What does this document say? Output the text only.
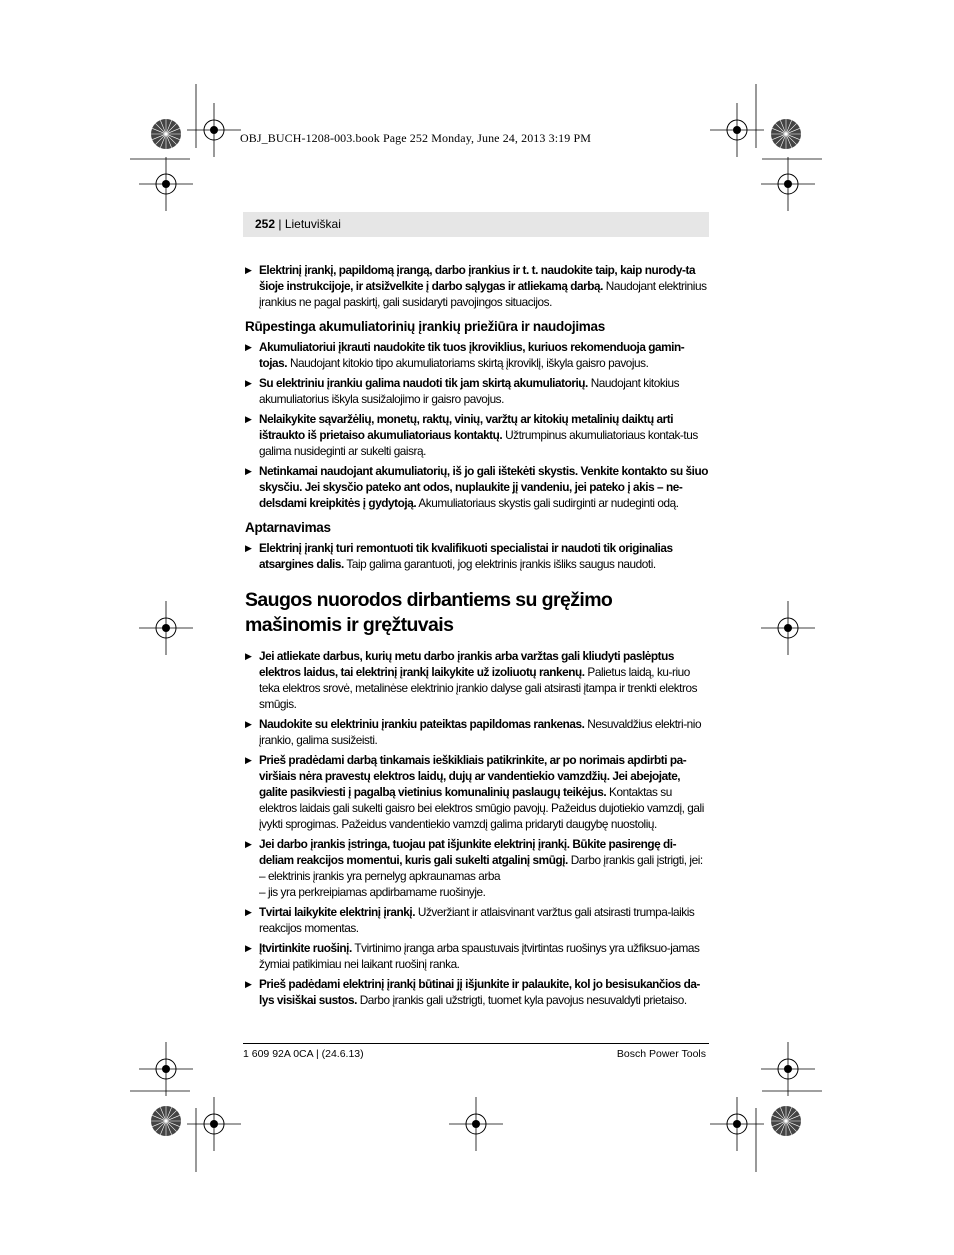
OBJ_BUCH-1208-003.book Page 252 Monday, June 24, 2013 3:19 PM
252 | Lietuviškai
▶ Elektrinį įrankį, papildomą įrangą, darbo įrankius ir t. t. naudokite taip, kaip nurody-ta šioje instrukcijoje, ir atsižvelkite į darbo sąlygas ir atliekamą darbą. Naudojant elektrinius įrankius ne pagal paskirtį, gali susidaryti pavojingos situacijos.
Rūpestinga akumuliatorinių įrankių priežiūra ir naudojimas
▶ Akumuliatoriui įkrauti naudokite tik tuos įkroviklius, kuriuos rekomenduoja gamin-tojas. Naudojant kitokio tipo akumuliatoriams skirtą įkroviklį, iškyla gaisro pavojus.
▶ Su elektriniu įrankiu galima naudoti tik jam skirtą akumuliatorių. Naudojant kitokius akumuliatorius iškyla susižalojimo ir gaisro pavojus.
▶ Nelaikykite sąvaržėlių, monetų, raktų, vinių, varžtų ar kitokių metalinių daiktų arti ištraukto iš prietaiso akumuliatoriaus kontaktų. Užtrumpinus akumuliatoriaus kontak-tus galima nusideginti ar sukelti gaisrą.
▶ Netinkamai naudojant akumuliatorių, iš jo gali ištekėti skystis. Venkite kontakto su šiuo skysčiu. Jei skysčio pateko ant odos, nuplaukite jį vandeniu, jei pateko į akis – ne-delsdami kreipkitės į gydytoją. Akumuliatoriaus skystis gali sudirginti ar nudeginti odą.
Aptarnavimas
▶ Elektrinį įrankį turi remontuoti tik kvalifikuoti specialistai ir naudoti tik originalias atsargines dalis. Taip galima garantuoti, jog elektrinis įrankis išliks saugus naudoti.
Saugos nuorodos dirbantiems su gręžimo mašinomis ir gręžtuvais
▶ Jei atliekate darbus, kurių metu darbo įrankis arba varžtas gali kliudyti paslėptus elektros laidus, tai elektrinį įrankį laikykite už izoliuotų rankenų. Palietus laidą, ku-riuo teka elektros srovė, metalinėse elektrinio įrankio dalyse gali atsirasti įtampa ir trenkti elektros smūgis.
▶ Naudokite su elektriniu įrankiu pateiktas papildomas rankenas. Nesuvaldžius elektri-nio įrankio, galima susižeisti.
▶ Prieš pradėdami darbą tinkamais ieškikliais patikrinkite, ar po norimais apdirbti pa-viršiais nėra pravestų elektros laidų, dujų ar vandentiekio vamzdžių. Jei abejojate, galite pasikviesti į pagalbą vietinius komunalinių paslaugų teikėjus. Kontaktas su elektros laidais gali sukelti gaisro bei elektros smūgio pavojų. Pažeidus dujotiekio vamzdį, gali įvykti sprogimas. Pažeidus vandentiekio vamzdį galima pridaryti daugybę nuostolių.
▶ Jei darbo įrankis įstringa, tuojau pat išjunkite elektrinį įrankį. Būkite pasirengę di-deliam reakcijos momentui, kuris gali sukelti atgalinį smūgį. Darbo įrankis gali įstrigti, jei:
– elektrinis įrankis yra pernelyg apkraunamas arba
– jis yra perkreipiamas apdirbamame ruošinyje.
▶ Tvirtai laikykite elektrinį įrankį. Užveržiant ir atlaisvinant varžtus gali atsirasti trumpa-laikis reakcijos momentas.
▶ Įtvirtinkite ruošinį. Tvirtinimo įranga arba spaustuvais įtvirtintas ruošinys yra užfiksuo-jamas žymiai patikimiau nei laikant ruošinį ranka.
▶ Prieš padėdami elektrinį įrankį būtinai jį išjunkite ir palaukite, kol jo besisukančios da-lys visiškai sustos. Darbo įrankis gali užstrigti, tuomet kyla pavojus nesuvaldyti prietaiso.
1 609 92A 0CA | (24.6.13)	Bosch Power Tools
